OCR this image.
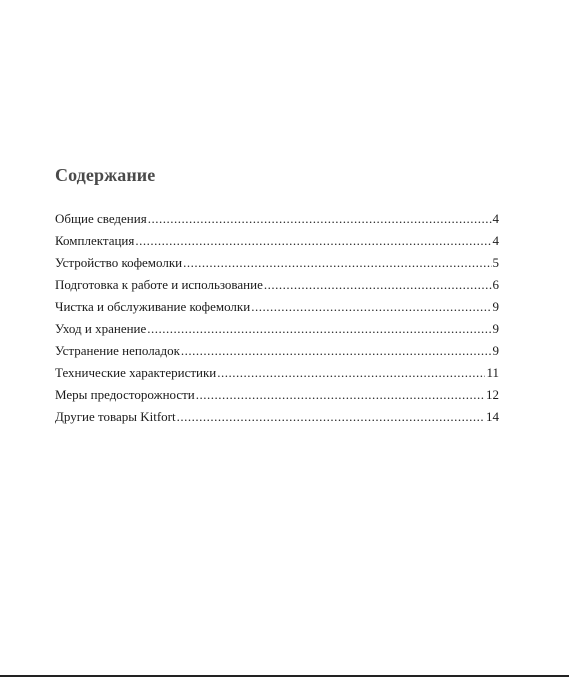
Содержание
Общие сведения .....	4
Комплектация .....	4
Устройство кофемолки .....	5
Подготовка к работе и использование .....	6
Чистка и обслуживание кофемолки .....	9
Уход и хранение .....	9
Устранение неполадок .....	9
Технические характеристики .....	11
Меры предосторожности .....	12
Другие товары Kitfort .....	14
